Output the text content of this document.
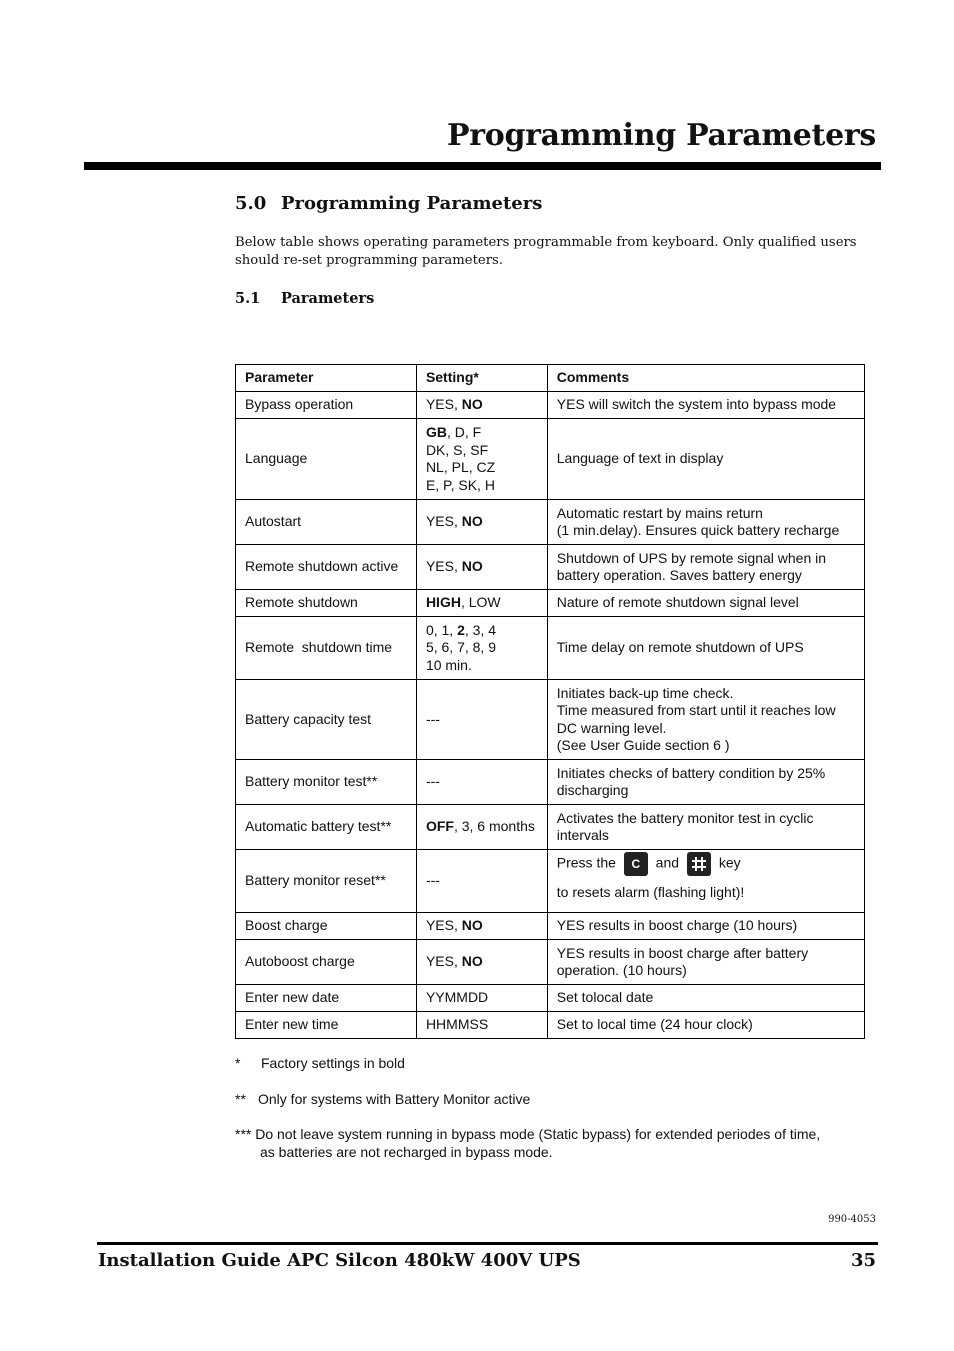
Programming Parameters
5.0 Programming Parameters
Below table shows operating parameters programmable from keyboard. Only qualified users
should re-set programming parameters.
5.1 Parameters
Parameter	Setting*	Comments
Bypass operation	YES, NO	YES will switch the system into bypass mode
Language	GB, D, F
DK, S, SF
NL, PL, CZ
E, P, SK, H	Language of text in display
Autostart	YES, NO	Automatic restart by mains return
(1 min.delay). Ensures quick battery recharge

Remote shutdown active	YES, NO	Shutdown of UPS by remote signal when in
battery operation. Saves battery energy

Remote shutdown	HIGH, LOW	Nature of remote shutdown signal level
Remote  shutdown time	0, 1, 2, 3, 4
5, 6, 7, 8, 9
10 min.	Time delay on remote shutdown of UPS
Battery capacity test	---	Initiates back-up time check.
Time measured from start until it reaches low
DC warning level.
(See User Guide section 6 )

Battery monitor test**	---	Initiates checks of battery condition by 25%
discharging

Automatic battery test**	OFF, 3, 6 months	Activates the battery monitor test in cyclic
intervals

Battery monitor reset**	---	Press the C and
key
to resets alarm (flashing light)!

Boost charge	YES, NO	YES results in boost charge (10 hours)
Autoboost charge	YES, NO	YES results in boost charge after battery
operation. (10 hours)

Enter new date	YYMMDD	Set tolocal date
Enter new time	HHMMSS	Set to local time (24 hour clock)
* Factory settings in bold
** Only for systems with Battery Monitor active
*** Do not leave system running in bypass mode (Static bypass) for extended periodes of time,
as batteries are not recharged in bypass mode.
990-4053
Installation Guide APC Silcon 480kW 400V UPS	35
